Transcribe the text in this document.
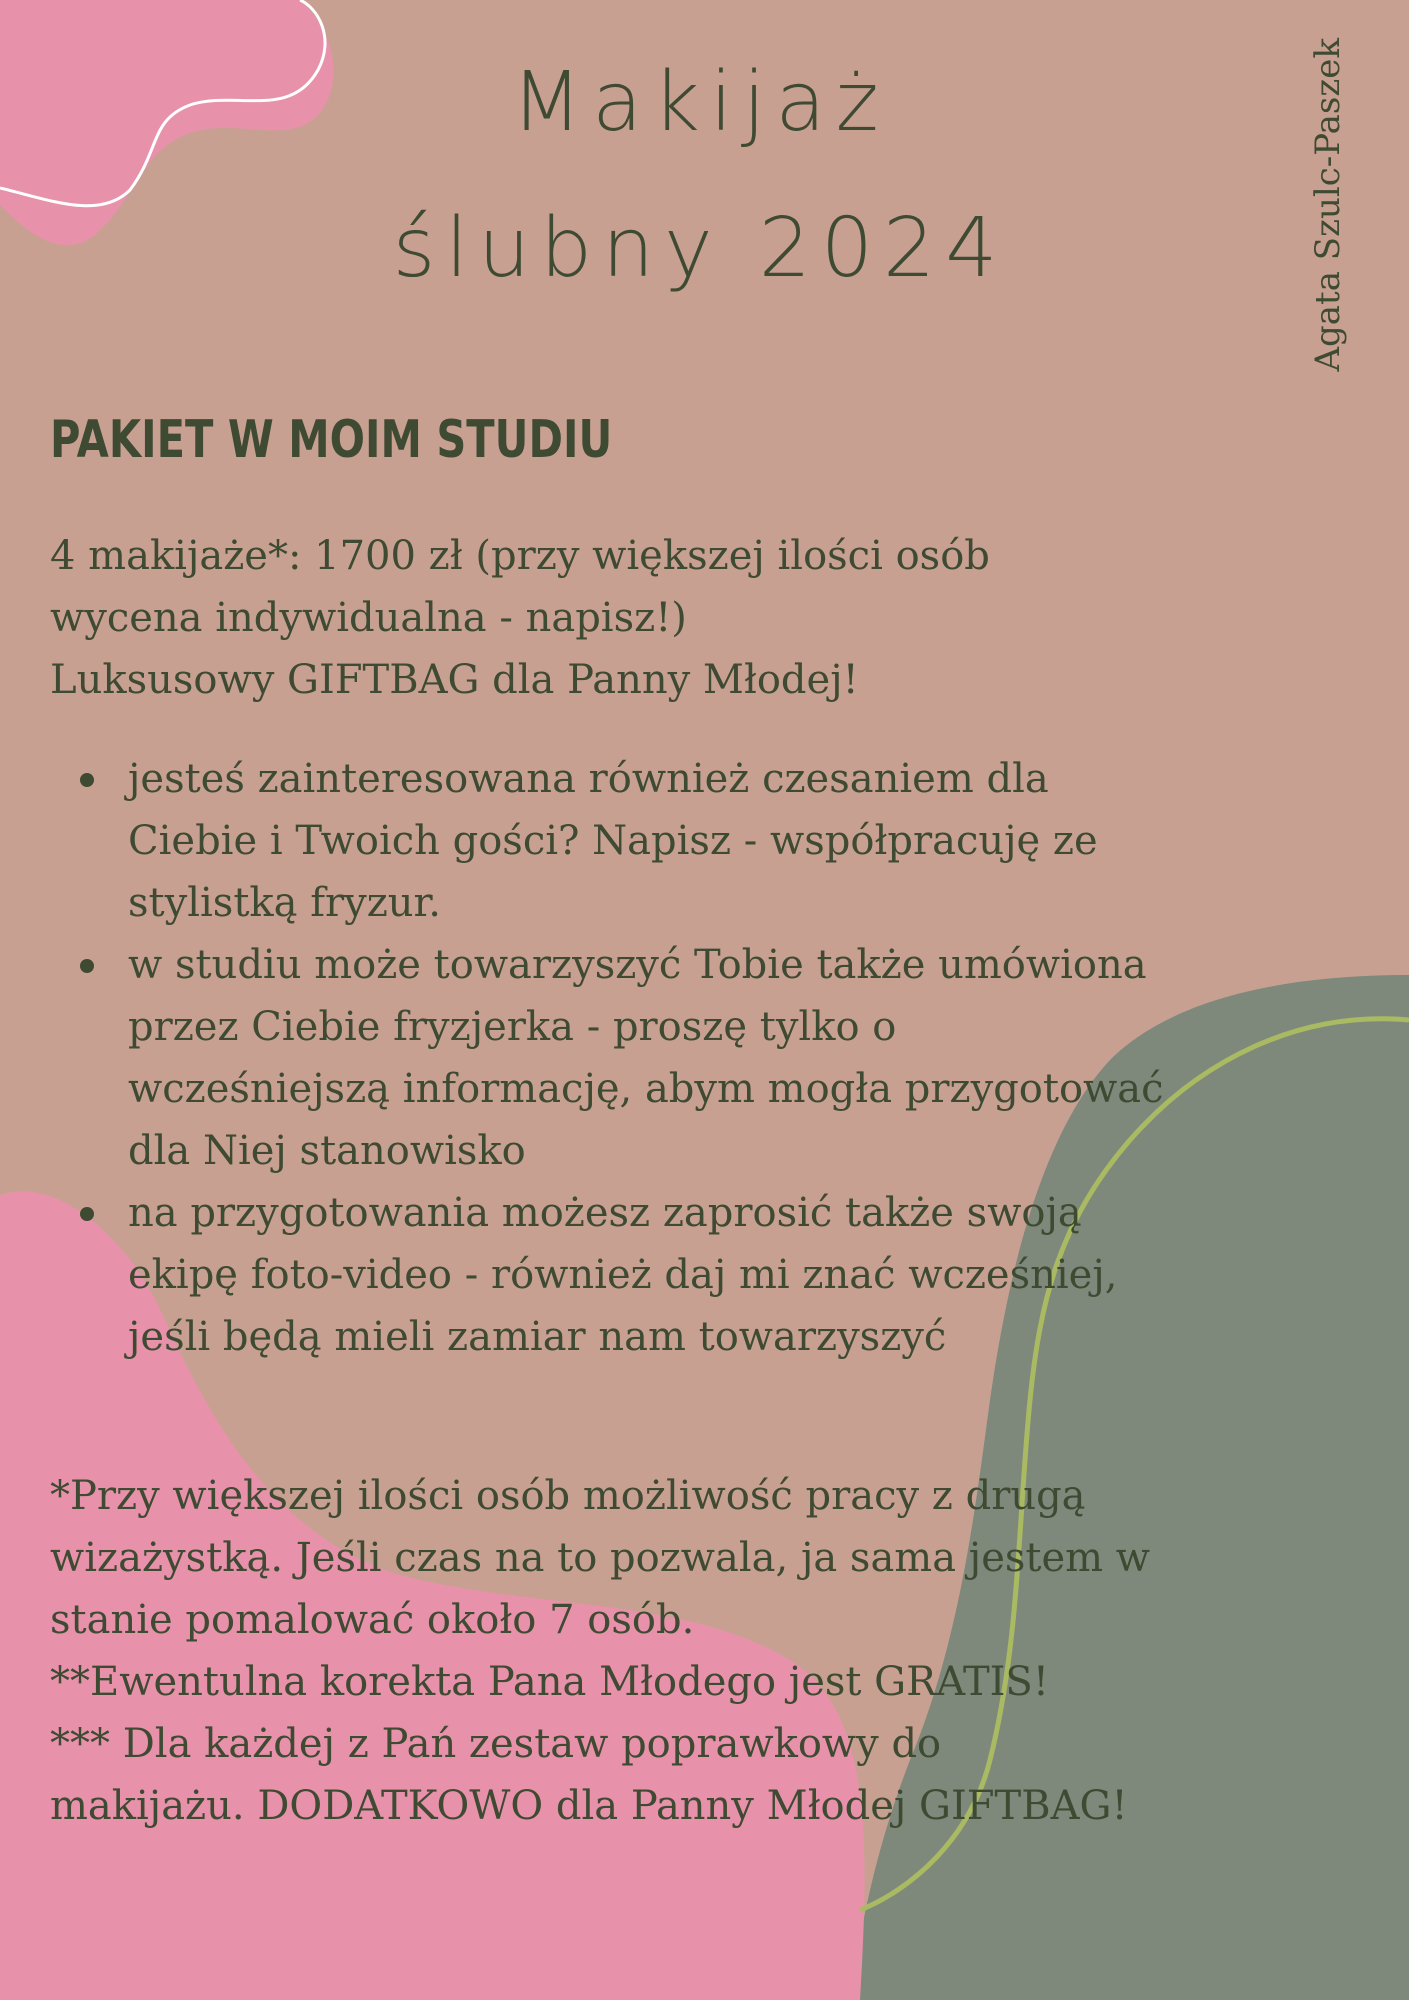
Makijaż
ślubny 2024	Agata Szulc-Paszek
PAKIET W MOIM STUDIU
4 makijaże*: 1700 zł (przy większej ilości osób
wycena indywidualna - napisz!)
Luksusowy GIFTBAG dla Panny Młodej!
jesteś zainteresowana również czesaniem dla
Ciebie i Twoich gości? Napisz - współpracuję ze
stylistką fryzur.
w studiu może towarzyszyć Tobie także umówiona
przez Ciebie fryzjerka - proszę tylko o
wcześniejszą informację, abym mogła przygotować
dla Niej stanowisko
na przygotowania możesz zaprosić także swoją
ekipę foto-video - również daj mi znać wcześniej,
jeśli będą mieli zamiar nam towarzyszyć
*Przy większej ilości osób możliwość pracy z drugą
wizażystką. Jeśli czas na to pozwala, ja sama jestem w
stanie pomalować około 7 osób.
**Ewentulna korekta Pana Młodego jest GRATIS!
*** Dla każdej z Pań zestaw poprawkowy do
makijażu. DODATKOWO dla Panny Młodej GIFTBAG!
